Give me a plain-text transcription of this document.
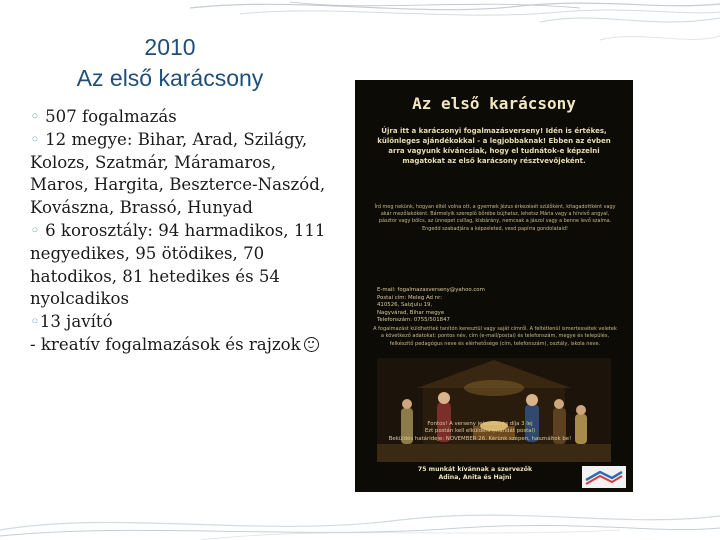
2010
Az első karácsony

◦ 507 fogalmazás

◦ 12 megye: Bihar, Arad, Szilágy, Kolozs, Szatmár, Máramaros, Maros, Hargita, Beszterce-Naszód, Kovászna, Brassó, Hunyad

◦ 6 korosztály: 94 harmadikos, 111 negyedikes, 95 ötödikes, 70 hatodikos, 81 hetedikes és 54 nyolcadikos

◦13 javító

- kreatív fogalmazások és rajzok

Az első karácsony
Újra itt a karácsonyi fogalmazásverseny! Idén is értékes, különleges ajándékokkal - a legjobbaknak! Ebben az évben arra vagyunk kíváncsiak, hogy el tudnátok-e képzelni magatokat az első karácsony résztvevőjeként.
Írd meg nekünk, hogyan éltél volna ott, a gyermek Jézus érkezését szülőként, kitagadottként vagy akár mezőlakóként. Bármelyik szereplő bőrébe bújhatsz, lehetsz Mária vagy a hírvivő angyal, pásztor vagy bölcs, az ünnepet csillag, kisbárány, nemcsak a jászol vagy a benne levő szalma. Engedd szabadjára a képzeleted, vesd papírra gondolataid!
E-mail: fogalmazasverseny@yahoo.com
Postai cím: Meleg Ad nr:
410526, Salzjulu 19,
Nagyvárad, Bihar megye
Telefonszám: 0755/501847
A fogalmazást küldhetitek tanítón keresztül vagy saját címről. A feltétlenül ismertessétek veletek a következő adatokat: pontos név, cím (e-mail/postai) és telefonszám, megye és település, felkészítő pedagógus neve és elérhetősége (cím, telefonszám), osztály, iskola neve.
Fontos! A verseny jelentkezés díja 3 lej
Ezt postán kell elküldeni (mandát postal)
Beküldés határideje: NOVEMBER 26. Kérünk szépen, használtok be!
75 munkát kívánnak a szervezők
Adina, Anita és Hajni
